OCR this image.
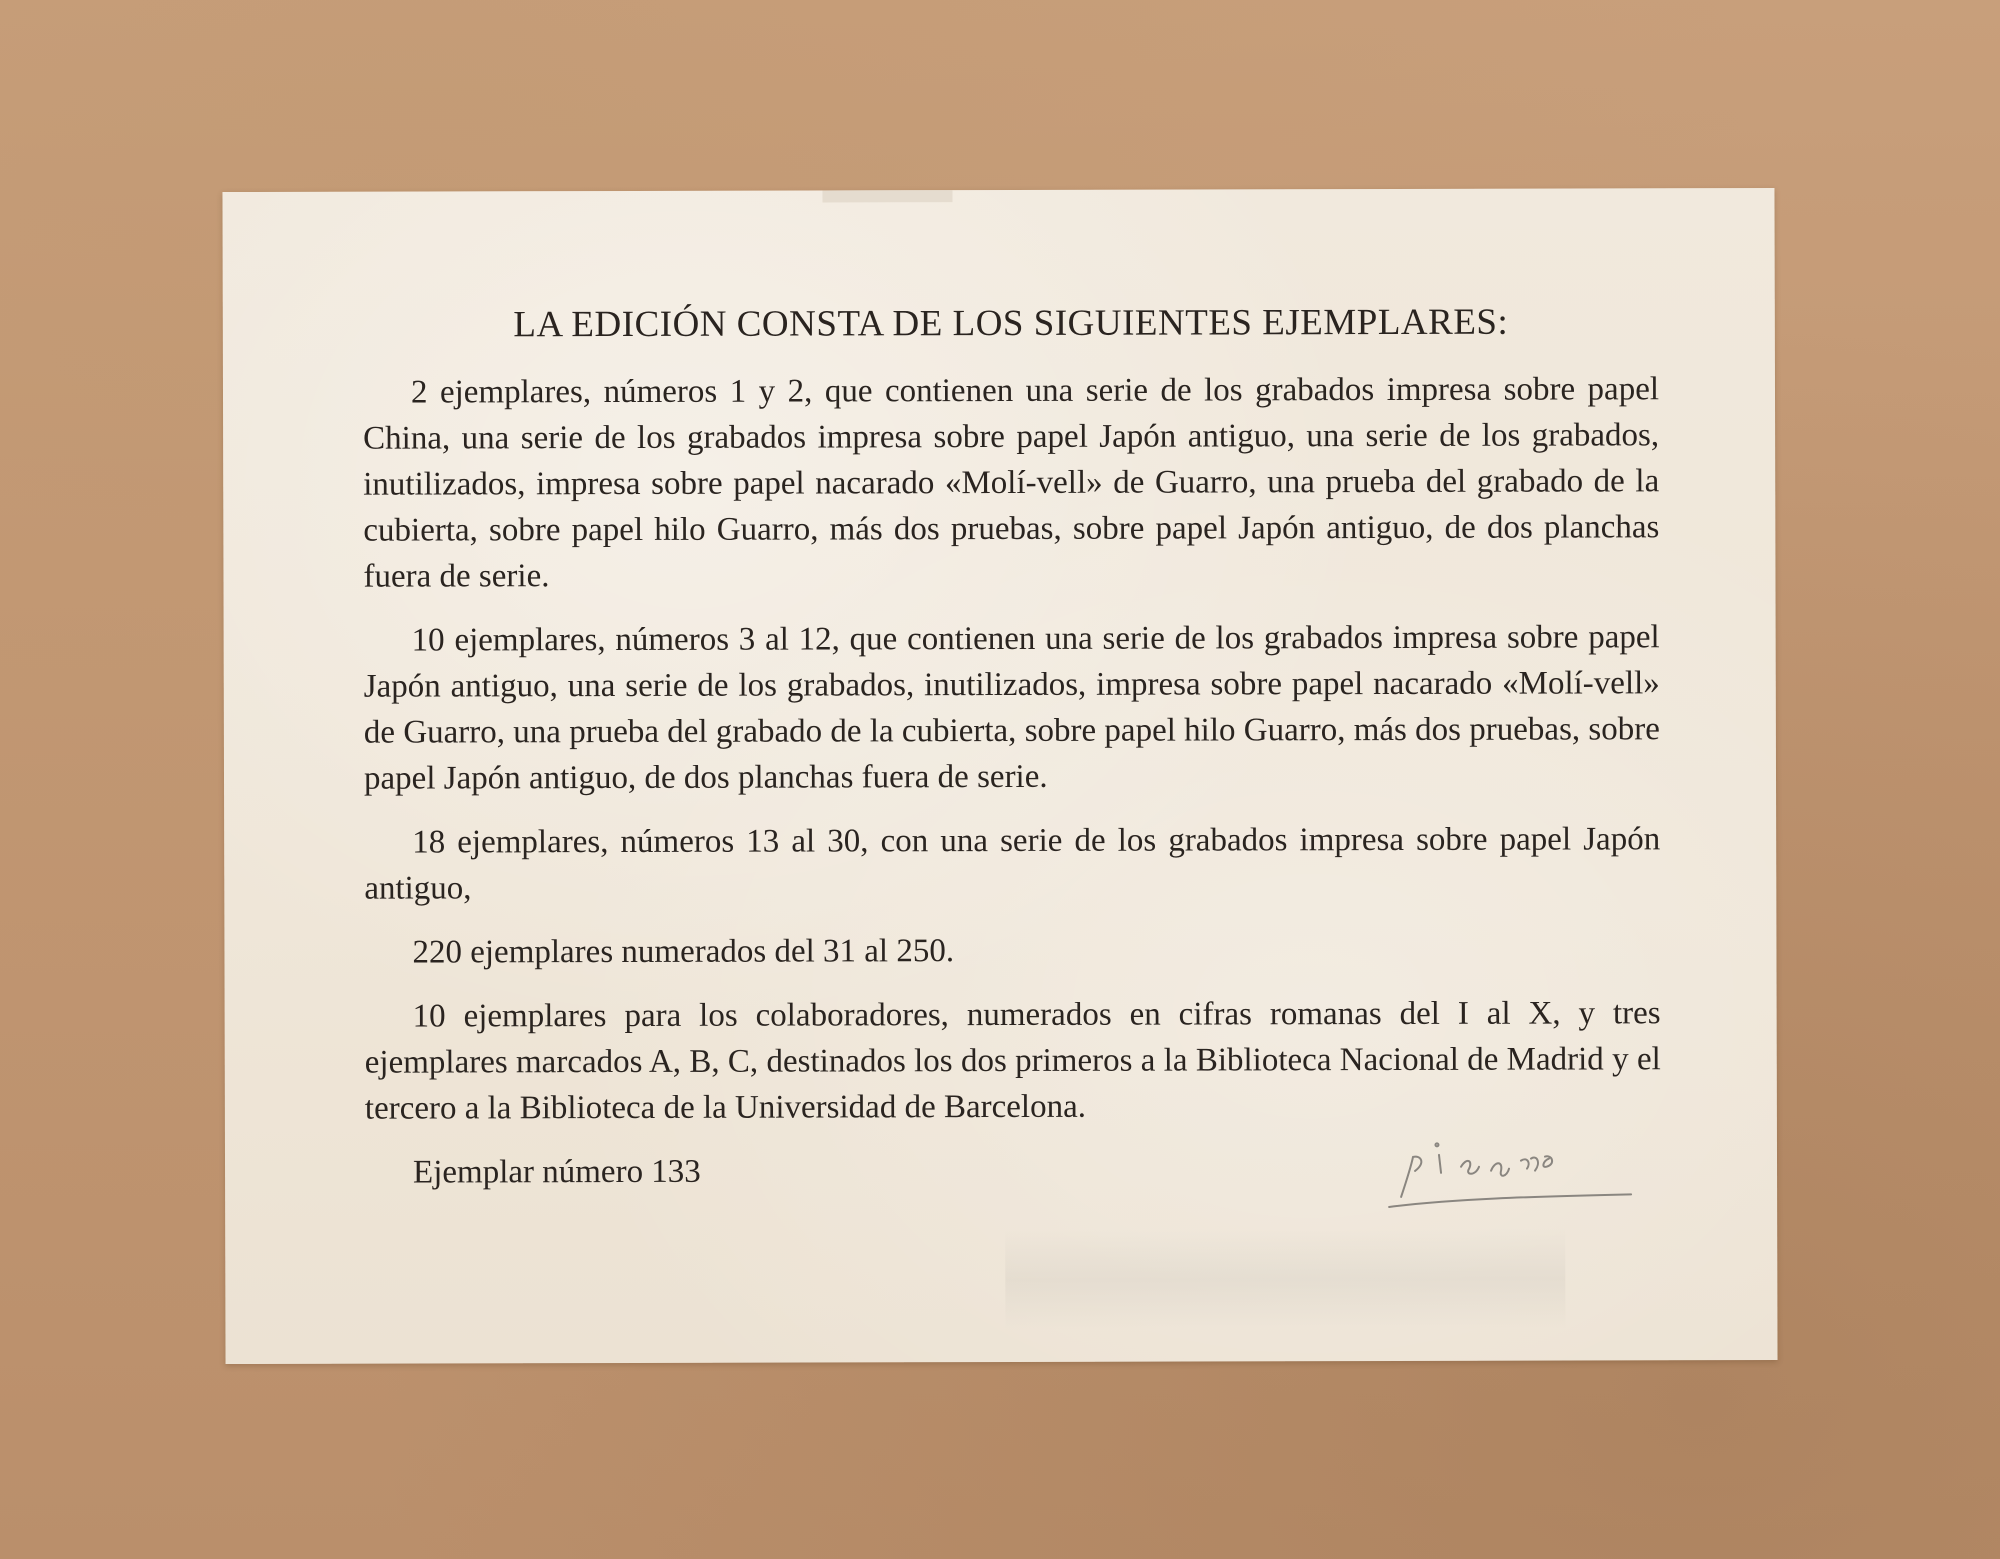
LA EDICIÓN CONSTA DE LOS SIGUIENTES EJEMPLARES:

2 ejemplares, números 1 y 2, que contienen una serie de los grabados impresa sobre papel China, una serie de los grabados impresa sobre papel Japón antiguo, una serie de los grabados, inutilizados, impresa sobre papel nacarado «Molí-vell» de Guarro, una prueba del grabado de la cubierta, sobre papel hilo Guarro, más dos pruebas, sobre papel Japón antiguo, de dos planchas fuera de serie.

10 ejemplares, números 3 al 12, que contienen una serie de los grabados impresa sobre papel Japón antiguo, una serie de los grabados, inutilizados, impresa sobre papel nacarado «Molí-vell» de Guarro, una prueba del grabado de la cubierta, sobre papel hilo Guarro, más dos pruebas, sobre papel Japón antiguo, de dos planchas fuera de serie.

18 ejemplares, números 13 al 30, con una serie de los grabados impresa sobre papel Japón antiguo,

220 ejemplares numerados del 31 al 250.

10 ejemplares para los colaboradores, numerados en cifras romanas del I al X, y tres ejemplares marcados A, B, C, destinados los dos primeros a la Biblioteca Nacional de Madrid y el tercero a la Biblioteca de la Universidad de Barcelona.

Ejemplar número 133
